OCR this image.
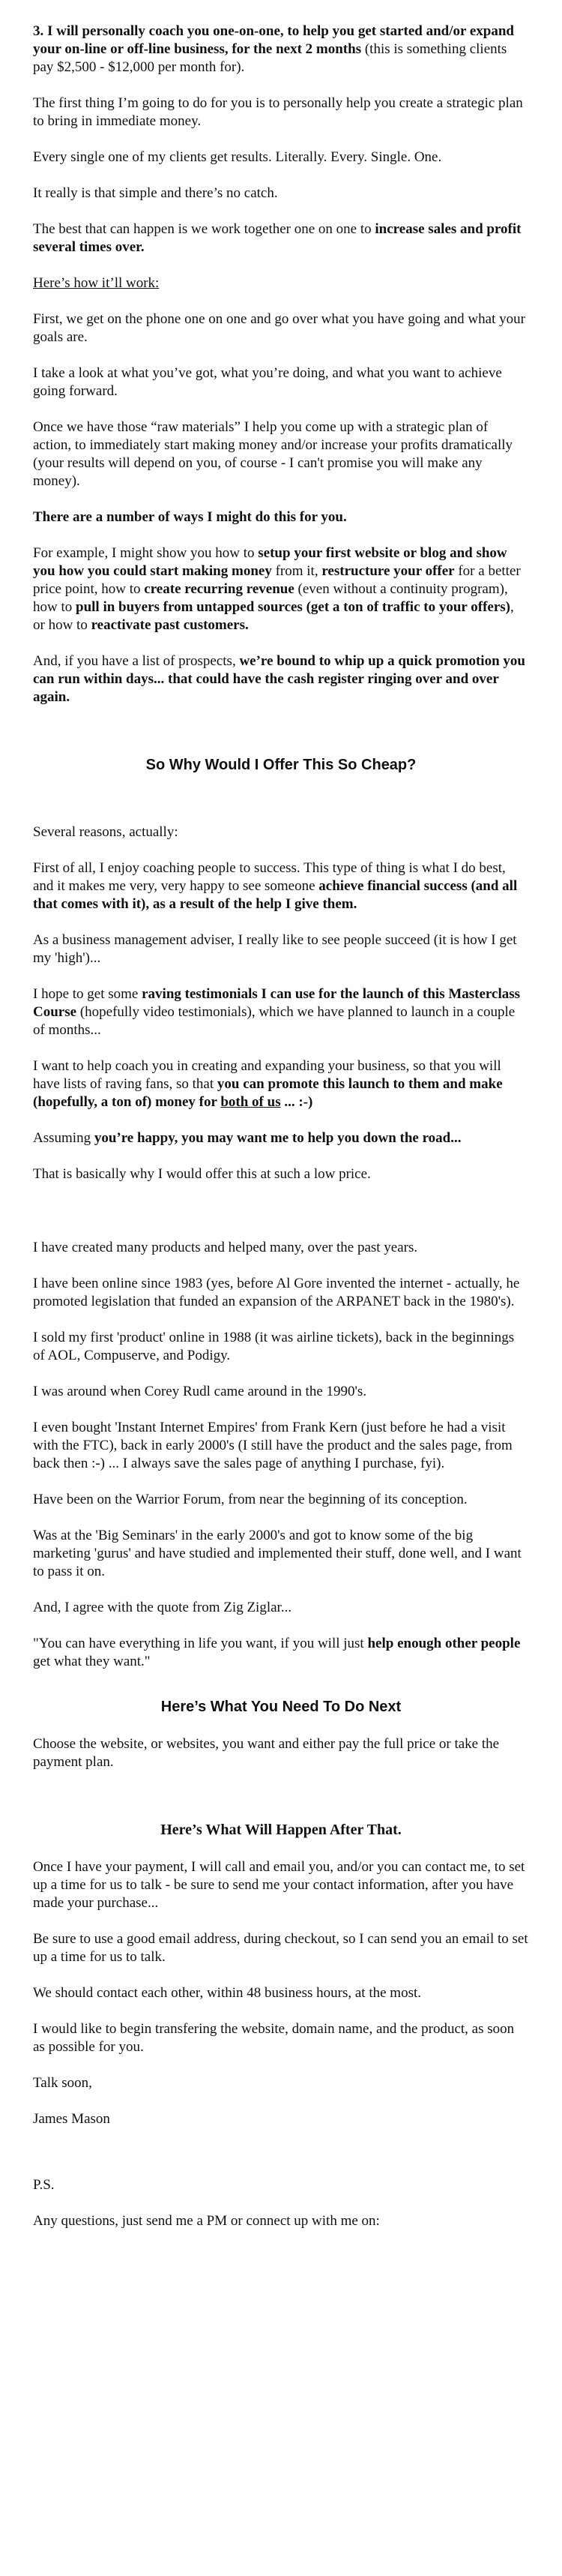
3. I will personally coach you one-on-one, to help you get started and/or expand your on-line or off-line business, for the next 2 months (this is something clients pay $2,500 - $12,000 per month for).

The first thing I’m going to do for you is to personally help you create a strategic plan to bring in immediate money.

Every single one of my clients get results. Literally. Every. Single. One.

It really is that simple and there’s no catch.

The best that can happen is we work together one on one to increase sales and profit several times over.

Here’s how it’ll work:

First, we get on the phone one on one and go over what you have going and what your goals are.

I take a look at what you’ve got, what you’re doing, and what you want to achieve going forward.

Once we have those “raw materials” I help you come up with a strategic plan of action, to immediately start making money and/or increase your profits dramatically (your results will depend on you, of course - I can't promise you will make any money).

There are a number of ways I might do this for you.

For example, I might show you how to setup your first website or blog and show you how you could start making money from it, restructure your offer for a better price point, how to create recurring revenue (even without a continuity program), how to pull in buyers from untapped sources (get a ton of traffic to your offers), or how to reactivate past customers.

And, if you have a list of prospects, we’re bound to whip up a quick promotion you can run within days... that could have the cash register ringing over and over again.

So Why Would I Offer This So Cheap?

Several reasons, actually:

First of all, I enjoy coaching people to success. This type of thing is what I do best, and it makes me very, very happy to see someone achieve financial success (and all that comes with it), as a result of the help I give them.

As a business management adviser, I really like to see people succeed (it is how I get my 'high')...

I hope to get some raving testimonials I can use for the launch of this Masterclass Course (hopefully video testimonials), which we have planned to launch in a couple of months...

I want to help coach you in creating and expanding your business, so that you will have lists of raving fans, so that you can promote this launch to them and make (hopefully, a ton of) money for both of us ... :-)

Assuming you’re happy, you may want me to help you down the road...

That is basically why I would offer this at such a low price.

I have created many products and helped many, over the past years.

I have been online since 1983 (yes, before Al Gore invented the internet - actually, he promoted legislation that funded an expansion of the ARPANET back in the 1980's).

I sold my first 'product' online in 1988 (it was airline tickets), back in the beginnings of AOL, Compuserve, and Podigy.

I was around when Corey Rudl came around in the 1990's.

I even bought 'Instant Internet Empires' from Frank Kern (just before he had a visit with the FTC), back in early 2000's (I still have the product and the sales page, from back then :-) ... I always save the sales page of anything I purchase, fyi).

Have been on the Warrior Forum, from near the beginning of its conception.

Was at the 'Big Seminars' in the early 2000's and got to know some of the big marketing 'gurus' and have studied and implemented their stuff, done well, and I want to pass it on.

And, I agree with the quote from Zig Ziglar...

"You can have everything in life you want, if you will just help enough other people get what they want."

Here’s What You Need To Do Next

Choose the website, or websites, you want and either pay the full price or take the payment plan.

Here’s What Will Happen After That.

Once I have your payment, I will call and email you, and/or you can contact me, to set up a time for us to talk - be sure to send me your contact information, after you have made your purchase...

Be sure to use a good email address, during checkout, so I can send you an email to set up a time for us to talk.

We should contact each other, within 48 business hours, at the most.

I would like to begin transfering the website, domain name, and the product, as soon as possible for you.

Talk soon,

James Mason

P.S.

Any questions, just send me a PM or connect up with me on:
